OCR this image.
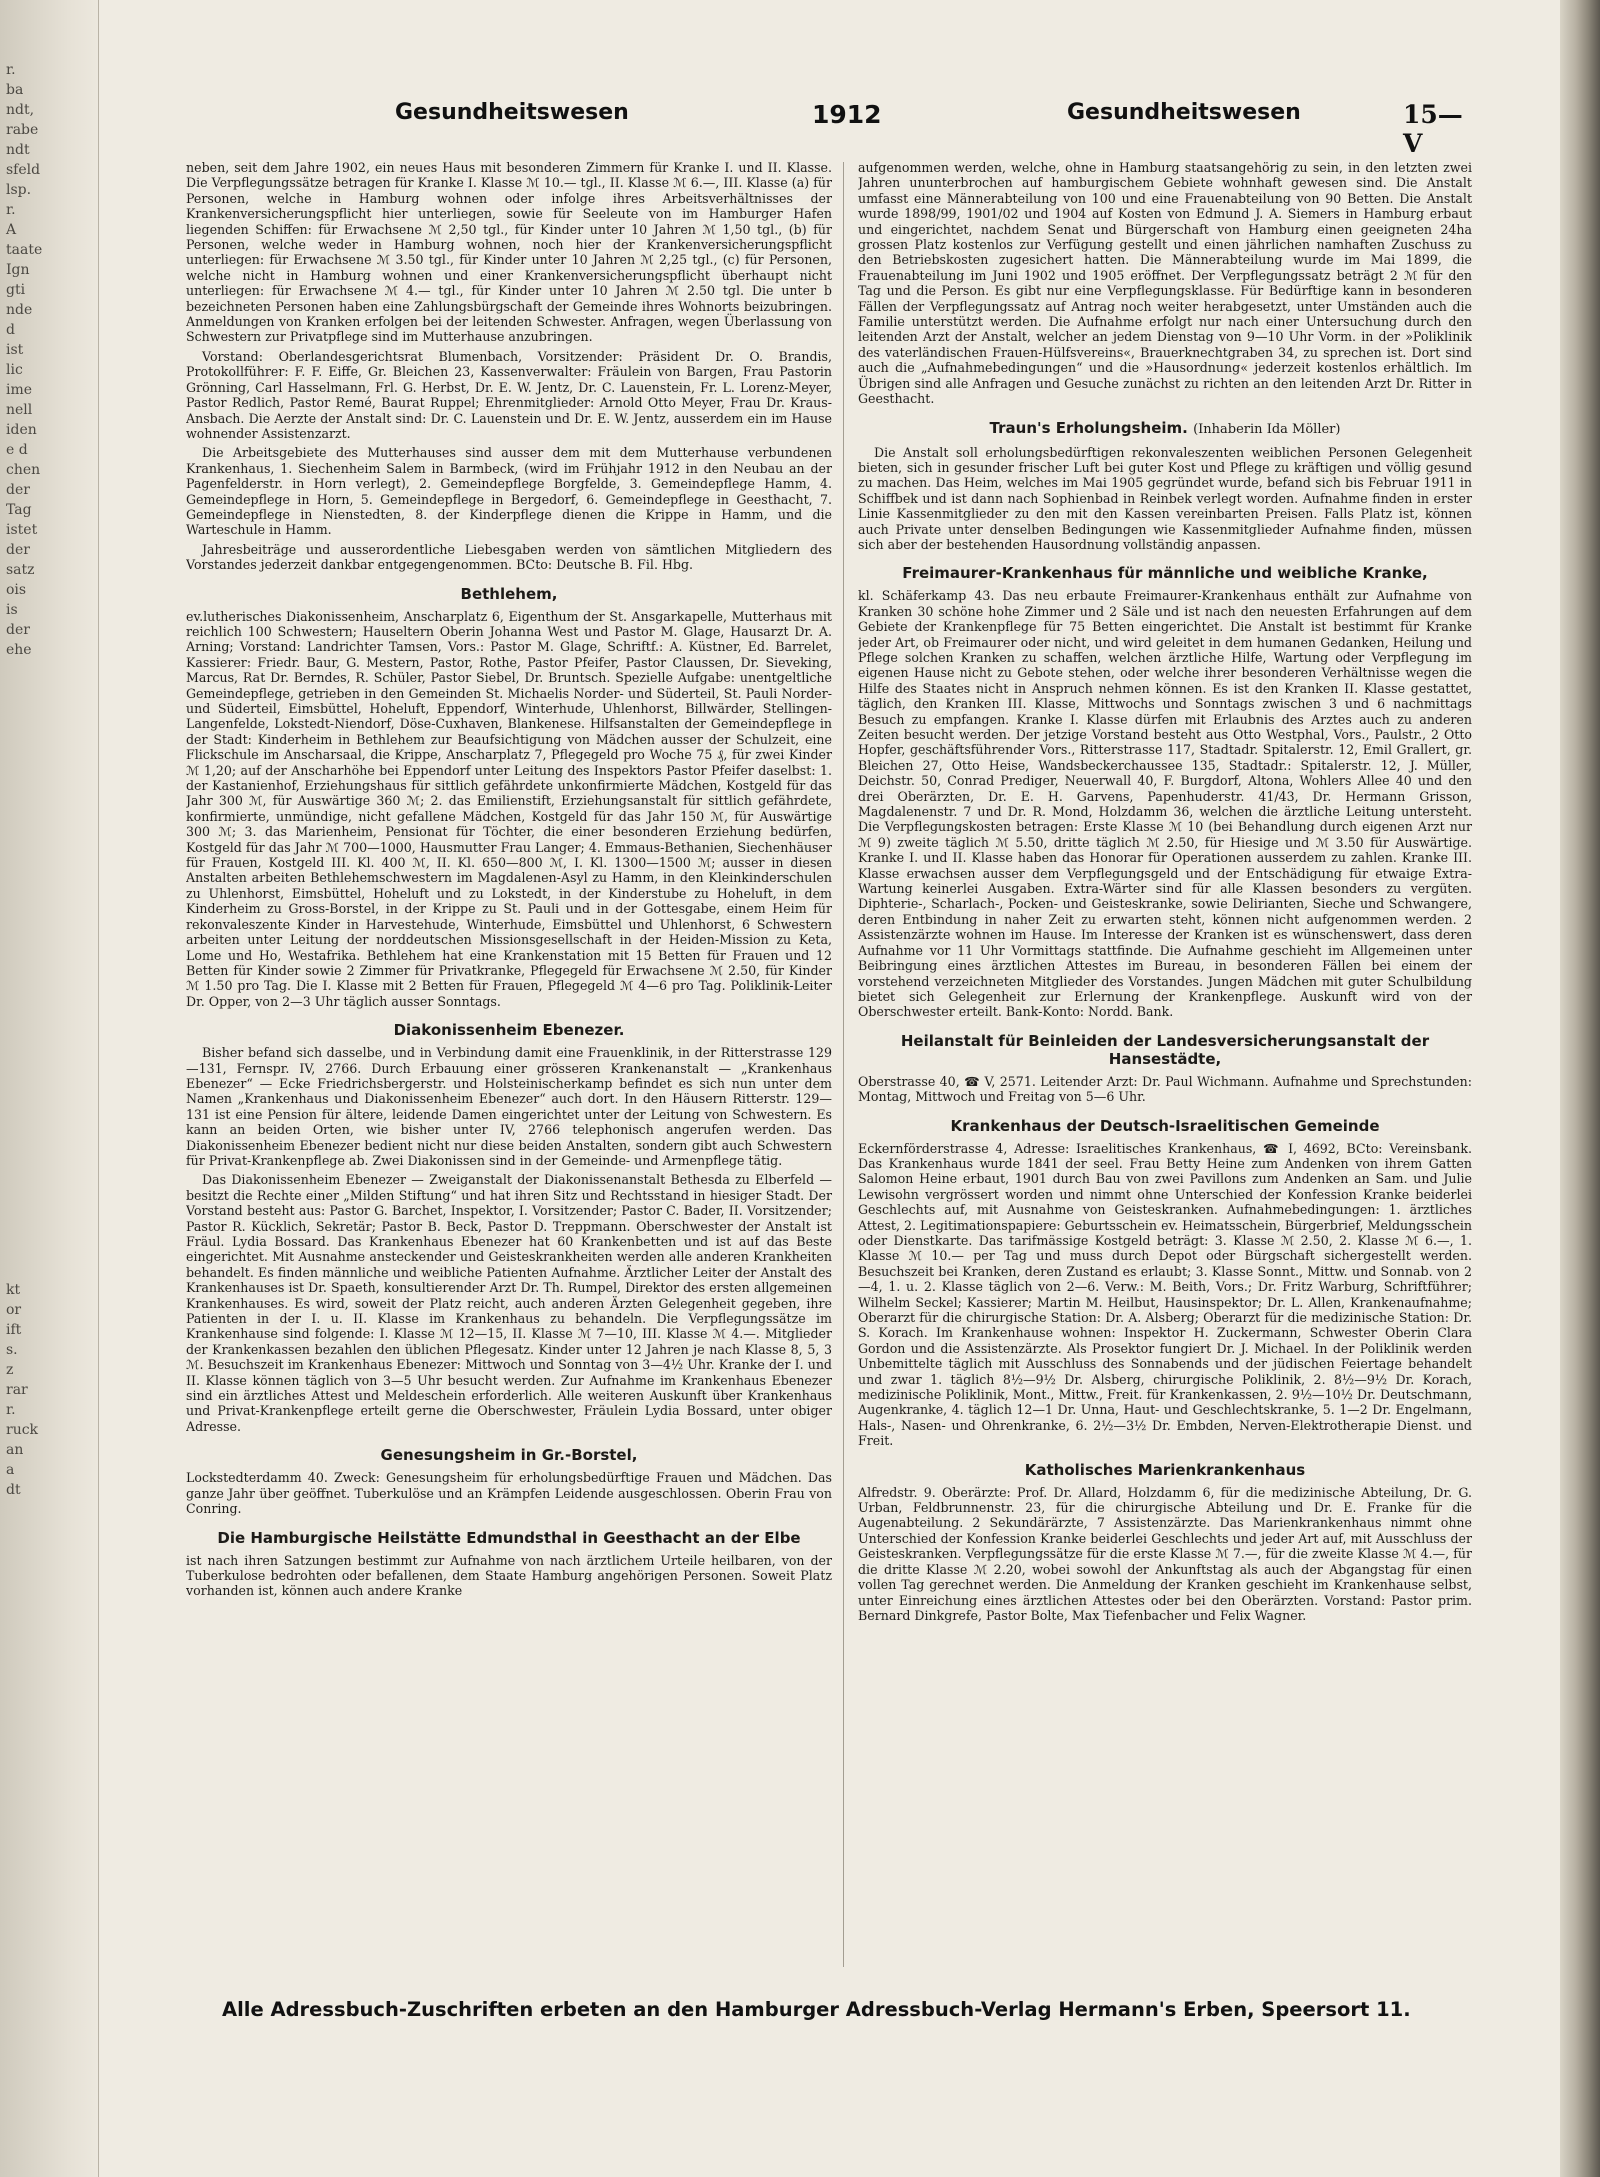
r.
ba
ndt,
rabe
ndt
sfeld
lsp.
r. A
taate
Ign
gti
nde
d ist
lic
ime
nell
iden
e d
chen
der
Tag
istet
der
satz
ois
is
der
ehe
kt
or
ift
s.
z
rar
r.
ruck
an
a
dt
Gesundheitswesen	1912	Gesundheitswesen	15—V

neben, seit dem Jahre 1902, ein neues Haus mit besonderen Zimmern für Kranke I. und II. Klasse. Die Verpflegungssätze betragen für Kranke I. Klasse ℳ 10.— tgl., II. Klasse ℳ 6.—, III. Klasse (a) für Personen, welche in Hamburg wohnen oder infolge ihres Arbeitsverhältnisses der Krankenversicherungspflicht hier unterliegen, sowie für Seeleute von im Hamburger Hafen liegenden Schiffen: für Erwachsene ℳ 2,50 tgl., für Kinder unter 10 Jahren ℳ 1,50 tgl., (b) für Personen, welche weder in Hamburg wohnen, noch hier der Krankenversicherungspflicht unterliegen: für Erwachsene ℳ 3.50 tgl., für Kinder unter 10 Jahren ℳ 2,25 tgl., (c) für Personen, welche nicht in Hamburg wohnen und einer Krankenversicherungspflicht überhaupt nicht unterliegen: für Erwachsene ℳ 4.— tgl., für Kinder unter 10 Jahren ℳ 2.50 tgl. Die unter b bezeichneten Personen haben eine Zahlungsbürgschaft der Gemeinde ihres Wohnorts beizubringen. Anmeldungen von Kranken erfolgen bei der leitenden Schwester. Anfragen, wegen Überlassung von Schwestern zur Privatpflege sind im Mutterhause anzubringen.

Vorstand: Oberlandesgerichtsrat Blumenbach, Vorsitzender: Präsident Dr. O. Brandis, Protokollführer: F. F. Eiffe, Gr. Bleichen 23, Kassenverwalter: Fräulein von Bargen, Frau Pastorin Grönning, Carl Hasselmann, Frl. G. Herbst, Dr. E. W. Jentz, Dr. C. Lauenstein, Fr. L. Lorenz-Meyer, Pastor Redlich, Pastor Remé, Baurat Ruppel; Ehrenmitglieder: Arnold Otto Meyer, Frau Dr. Kraus-Ansbach. Die Aerzte der Anstalt sind: Dr. C. Lauenstein und Dr. E. W. Jentz, ausserdem ein im Hause wohnender Assistenzarzt.

Die Arbeitsgebiete des Mutterhauses sind ausser dem mit dem Mutterhause verbundenen Krankenhaus, 1. Siechenheim Salem in Barmbeck, (wird im Frühjahr 1912 in den Neubau an der Pagenfelderstr. in Horn verlegt), 2. Gemeindepflege Borgfelde, 3. Gemeindepflege Hamm, 4. Gemeindepflege in Horn, 5. Gemeindepflege in Bergedorf, 6. Gemeindepflege in Geesthacht, 7. Gemeindepflege in Nienstedten, 8. der Kinderpflege dienen die Krippe in Hamm, und die Warteschule in Hamm.

Jahresbeiträge und ausserordentliche Liebesgaben werden von sämtlichen Mitgliedern des Vorstandes jederzeit dankbar entgegengenommen. BCto: Deutsche B. Fil. Hbg.

Bethlehem,

ev.lutherisches Diakonissenheim, Anscharplatz 6, Eigenthum der St. Ansgarkapelle, Mutterhaus mit reichlich 100 Schwestern; Hauseltern Oberin Johanna West und Pastor M. Glage, Hausarzt Dr. A. Arning; Vorstand: Landrichter Tamsen, Vors.: Pastor M. Glage, Schriftf.: A. Küstner, Ed. Barrelet, Kassierer: Friedr. Baur, G. Mestern, Pastor, Rothe, Pastor Pfeifer, Pastor Claussen, Dr. Sieveking, Marcus, Rat Dr. Berndes, R. Schüler, Pastor Siebel, Dr. Bruntsch. Spezielle Aufgabe: unentgeltliche Gemeindepflege, getrieben in den Gemeinden St. Michaelis Norder- und Süderteil, St. Pauli Norder- und Süderteil, Eimsbüttel, Hoheluft, Eppendorf, Winterhude, Uhlenhorst, Billwärder, Stellingen-Langenfelde, Lokstedt-Niendorf, Döse-Cuxhaven, Blankenese. Hilfsanstalten der Gemeindepflege in der Stadt: Kinderheim in Bethlehem zur Beaufsichtigung von Mädchen ausser der Schulzeit, eine Flickschule im Anscharsaal, die Krippe, Anscharplatz 7, Pflegegeld pro Woche 75 ₰, für zwei Kinder ℳ 1,20; auf der Anscharhöhe bei Eppendorf unter Leitung des Inspektors Pastor Pfeifer daselbst: 1. der Kastanienhof, Erziehungshaus für sittlich gefährdete unkonfirmierte Mädchen, Kostgeld für das Jahr 300 ℳ, für Auswärtige 360 ℳ; 2. das Emilienstift, Erziehungsanstalt für sittlich gefährdete, konfirmierte, unmündige, nicht gefallene Mädchen, Kostgeld für das Jahr 150 ℳ, für Auswärtige 300 ℳ; 3. das Marienheim, Pensionat für Töchter, die einer besonderen Erziehung bedürfen, Kostgeld für das Jahr ℳ 700—1000, Hausmutter Frau Langer; 4. Emmaus-Bethanien, Siechenhäuser für Frauen, Kostgeld III. Kl. 400 ℳ, II. Kl. 650—800 ℳ, I. Kl. 1300—1500 ℳ; ausser in diesen Anstalten arbeiten Bethlehemschwestern im Magdalenen-Asyl zu Hamm, in den Kleinkinderschulen zu Uhlenhorst, Eimsbüttel, Hoheluft und zu Lokstedt, in der Kinderstube zu Hoheluft, in dem Kinderheim zu Gross-Borstel, in der Krippe zu St. Pauli und in der Gottesgabe, einem Heim für rekonvaleszente Kinder in Harvestehude, Winterhude, Eimsbüttel und Uhlenhorst, 6 Schwestern arbeiten unter Leitung der norddeutschen Missionsgesellschaft in der Heiden-Mission zu Keta, Lome und Ho, Westafrika. Bethlehem hat eine Krankenstation mit 15 Betten für Frauen und 12 Betten für Kinder sowie 2 Zimmer für Privatkranke, Pflegegeld für Erwachsene ℳ 2.50, für Kinder ℳ 1.50 pro Tag. Die I. Klasse mit 2 Betten für Frauen, Pflegegeld ℳ 4—6 pro Tag. Poliklinik-Leiter Dr. Opper, von 2—3 Uhr täglich ausser Sonntags.

Diakonissenheim Ebenezer.

Bisher befand sich dasselbe, und in Verbindung damit eine Frauenklinik, in der Ritterstrasse 129—131, Fernspr. IV, 2766. Durch Erbauung einer grösseren Krankenanstalt — „Krankenhaus Ebenezer“ — Ecke Friedrichsbergerstr. und Holsteinischerkamp befindet es sich nun unter dem Namen „Krankenhaus und Diakonissenheim Ebenezer“ auch dort. In den Häusern Ritterstr. 129—131 ist eine Pension für ältere, leidende Damen eingerichtet unter der Leitung von Schwestern. Es kann an beiden Orten, wie bisher unter IV, 2766 telephonisch angerufen werden. Das Diakonissenheim Ebenezer bedient nicht nur diese beiden Anstalten, sondern gibt auch Schwestern für Privat-Krankenpflege ab. Zwei Diakonissen sind in der Gemeinde- und Armenpflege tätig.

Das Diakonissenheim Ebenezer — Zweiganstalt der Diakonissenanstalt Bethesda zu Elberfeld — besitzt die Rechte einer „Milden Stiftung“ und hat ihren Sitz und Rechtsstand in hiesiger Stadt. Der Vorstand besteht aus: Pastor G. Barchet, Inspektor, I. Vorsitzender; Pastor C. Bader, II. Vorsitzender; Pastor R. Kücklich, Sekretär; Pastor B. Beck, Pastor D. Treppmann. Oberschwester der Anstalt ist Fräul. Lydia Bossard. Das Krankenhaus Ebenezer hat 60 Krankenbetten und ist auf das Beste eingerichtet. Mit Ausnahme ansteckender und Geisteskrankheiten werden alle anderen Krankheiten behandelt. Es finden männliche und weibliche Patienten Aufnahme. Ärztlicher Leiter der Anstalt des Krankenhauses ist Dr. Spaeth, konsultierender Arzt Dr. Th. Rumpel, Direktor des ersten allgemeinen Krankenhauses. Es wird, soweit der Platz reicht, auch anderen Ärzten Gelegenheit gegeben, ihre Patienten in der I. u. II. Klasse im Krankenhaus zu behandeln. Die Verpflegungssätze im Krankenhause sind folgende: I. Klasse ℳ 12—15, II. Klasse ℳ 7—10, III. Klasse ℳ 4.—. Mitglieder der Krankenkassen bezahlen den üblichen Pflegesatz. Kinder unter 12 Jahren je nach Klasse 8, 5, 3 ℳ. Besuchszeit im Krankenhaus Ebenezer: Mittwoch und Sonntag von 3—4½ Uhr. Kranke der I. und II. Klasse können täglich von 3—5 Uhr besucht werden. Zur Aufnahme im Krankenhaus Ebenezer sind ein ärztliches Attest und Meldeschein erforderlich. Alle weiteren Auskunft über Krankenhaus und Privat-Krankenpflege erteilt gerne die Oberschwester, Fräulein Lydia Bossard, unter obiger Adresse.

Genesungsheim in Gr.-Borstel,

Lockstedterdamm 40. Zweck: Genesungsheim für erholungsbedürftige Frauen und Mädchen. Das ganze Jahr über geöffnet. Tuberkulöse und an Krämpfen Leidende ausgeschlossen. Oberin Frau von Conring.

Die Hamburgische Heilstätte Edmundsthal in Geesthacht an der Elbe

ist nach ihren Satzungen bestimmt zur Aufnahme von nach ärztlichem Urteile heilbaren, von der Tuberkulose bedrohten oder befallenen, dem Staate Hamburg angehörigen Personen. Soweit Platz vorhanden ist, können auch andere Kranke

aufgenommen werden, welche, ohne in Hamburg staatsangehörig zu sein, in den letzten zwei Jahren ununterbrochen auf hamburgischem Gebiete wohnhaft gewesen sind. Die Anstalt umfasst eine Männerabteilung von 100 und eine Frauenabteilung von 90 Betten. Die Anstalt wurde 1898/99, 1901/02 und 1904 auf Kosten von Edmund J. A. Siemers in Hamburg erbaut und eingerichtet, nachdem Senat und Bürgerschaft von Hamburg einen geeigneten 24ha grossen Platz kostenlos zur Verfügung gestellt und einen jährlichen namhaften Zuschuss zu den Betriebskosten zugesichert hatten. Die Männerabteilung wurde im Mai 1899, die Frauenabteilung im Juni 1902 und 1905 eröffnet. Der Verpflegungssatz beträgt 2 ℳ für den Tag und die Person. Es gibt nur eine Verpflegungsklasse. Für Bedürftige kann in besonderen Fällen der Verpflegungssatz auf Antrag noch weiter herabgesetzt, unter Umständen auch die Familie unterstützt werden. Die Aufnahme erfolgt nur nach einer Untersuchung durch den leitenden Arzt der Anstalt, welcher an jedem Dienstag von 9—10 Uhr Vorm. in der »Poliklinik des vaterländischen Frauen-Hülfsvereins«, Brauerknechtgraben 34, zu sprechen ist. Dort sind auch die „Aufnahmebedingungen“ und die »Hausordnung« jederzeit kostenlos erhältlich. Im Übrigen sind alle Anfragen und Gesuche zunächst zu richten an den leitenden Arzt Dr. Ritter in Geesthacht.

Traun's Erholungsheim. (Inhaberin Ida Möller)

Die Anstalt soll erholungsbedürftigen rekonvaleszenten weiblichen Personen Gelegenheit bieten, sich in gesunder frischer Luft bei guter Kost und Pflege zu kräftigen und völlig gesund zu machen. Das Heim, welches im Mai 1905 gegründet wurde, befand sich bis Februar 1911 in Schiffbek und ist dann nach Sophienbad in Reinbek verlegt worden. Aufnahme finden in erster Linie Kassenmitglieder zu den mit den Kassen vereinbarten Preisen. Falls Platz ist, können auch Private unter denselben Bedingungen wie Kassenmitglieder Aufnahme finden, müssen sich aber der bestehenden Hausordnung vollständig anpassen.

Freimaurer-Krankenhaus für männliche und weibliche Kranke,

kl. Schäferkamp 43. Das neu erbaute Freimaurer-Krankenhaus enthält zur Aufnahme von Kranken 30 schöne hohe Zimmer und 2 Säle und ist nach den neuesten Erfahrungen auf dem Gebiete der Krankenpflege für 75 Betten eingerichtet. Die Anstalt ist bestimmt für Kranke jeder Art, ob Freimaurer oder nicht, und wird geleitet in dem humanen Gedanken, Heilung und Pflege solchen Kranken zu schaffen, welchen ärztliche Hilfe, Wartung oder Verpflegung im eigenen Hause nicht zu Gebote stehen, oder welche ihrer besonderen Verhältnisse wegen die Hilfe des Staates nicht in Anspruch nehmen können. Es ist den Kranken II. Klasse gestattet, täglich, den Kranken III. Klasse, Mittwochs und Sonntags zwischen 3 und 6 nachmittags Besuch zu empfangen. Kranke I. Klasse dürfen mit Erlaubnis des Arztes auch zu anderen Zeiten besucht werden. Der jetzige Vorstand besteht aus Otto Westphal, Vors., Paulstr., 2 Otto Hopfer, geschäftsführender Vors., Ritterstrasse 117, Stadtadr. Spitalerstr. 12, Emil Grallert, gr. Bleichen 27, Otto Heise, Wandsbeckerchaussee 135, Stadtadr.: Spitalerstr. 12, J. Müller, Deichstr. 50, Conrad Prediger, Neuerwall 40, F. Burgdorf, Altona, Wohlers Allee 40 und den drei Oberärzten, Dr. E. H. Garvens, Papenhuderstr. 41/43, Dr. Hermann Grisson, Magdalenenstr. 7 und Dr. R. Mond, Holzdamm 36, welchen die ärztliche Leitung untersteht. Die Verpflegungskosten betragen: Erste Klasse ℳ 10 (bei Behandlung durch eigenen Arzt nur ℳ 9) zweite täglich ℳ 5.50, dritte täglich ℳ 2.50, für Hiesige und ℳ 3.50 für Auswärtige. Kranke I. und II. Klasse haben das Honorar für Operationen ausserdem zu zahlen. Kranke III. Klasse erwachsen ausser dem Verpflegungsgeld und der Entschädigung für etwaige Extra-Wartung keinerlei Ausgaben. Extra-Wärter sind für alle Klassen besonders zu vergüten. Diphterie-, Scharlach-, Pocken- und Geisteskranke, sowie Delirianten, Sieche und Schwangere, deren Entbindung in naher Zeit zu erwarten steht, können nicht aufgenommen werden. 2 Assistenzärzte wohnen im Hause. Im Interesse der Kranken ist es wünschenswert, dass deren Aufnahme vor 11 Uhr Vormittags stattfinde. Die Aufnahme geschieht im Allgemeinen unter Beibringung eines ärztlichen Attestes im Bureau, in besonderen Fällen bei einem der vorstehend verzeichneten Mitglieder des Vorstandes. Jungen Mädchen mit guter Schulbildung bietet sich Gelegenheit zur Erlernung der Krankenpflege. Auskunft wird von der Oberschwester erteilt. Bank-Konto: Nordd. Bank.

Heilanstalt für Beinleiden der Landesversicherungsanstalt der Hansestädte,

Oberstrasse 40, ☎ V, 2571. Leitender Arzt: Dr. Paul Wichmann. Aufnahme und Sprechstunden: Montag, Mittwoch und Freitag von 5—6 Uhr.

Krankenhaus der Deutsch-Israelitischen Gemeinde

Eckernförderstrasse 4, Adresse: Israelitisches Krankenhaus, ☎ I, 4692, BCto: Vereinsbank. Das Krankenhaus wurde 1841 der seel. Frau Betty Heine zum Andenken von ihrem Gatten Salomon Heine erbaut, 1901 durch Bau von zwei Pavillons zum Andenken an Sam. und Julie Lewisohn vergrössert worden und nimmt ohne Unterschied der Konfession Kranke beiderlei Geschlechts auf, mit Ausnahme von Geisteskranken. Aufnahmebedingungen: 1. ärztliches Attest, 2. Legitimationspapiere: Geburtsschein ev. Heimatsschein, Bürgerbrief, Meldungsschein oder Dienstkarte. Das tarifmässige Kostgeld beträgt: 3. Klasse ℳ 2.50, 2. Klasse ℳ 6.—, 1. Klasse ℳ 10.— per Tag und muss durch Depot oder Bürgschaft sichergestellt werden. Besuchszeit bei Kranken, deren Zustand es erlaubt; 3. Klasse Sonnt., Mittw. und Sonnab. von 2—4, 1. u. 2. Klasse täglich von 2—6. Verw.: M. Beith, Vors.; Dr. Fritz Warburg, Schriftführer; Wilhelm Seckel; Kassierer; Martin M. Heilbut, Hausinspektor; Dr. L. Allen, Krankenaufnahme; Oberarzt für die chirurgische Station: Dr. A. Alsberg; Oberarzt für die medizinische Station: Dr. S. Korach. Im Krankenhause wohnen: Inspektor H. Zuckermann, Schwester Oberin Clara Gordon und die Assistenzärzte. Als Prosektor fungiert Dr. J. Michael. In der Poliklinik werden Unbemittelte täglich mit Ausschluss des Sonnabends und der jüdischen Feiertage behandelt und zwar 1. täglich 8½—9½ Dr. Alsberg, chirurgische Poliklinik, 2. 8½—9½ Dr. Korach, medizinische Poliklinik, Mont., Mittw., Freit. für Krankenkassen, 2. 9½—10½ Dr. Deutschmann, Augenkranke, 4. täglich 12—1 Dr. Unna, Haut- und Geschlechtskranke, 5. 1—2 Dr. Engelmann, Hals-, Nasen- und Ohrenkranke, 6. 2½—3½ Dr. Embden, Nerven-Elektrotherapie Dienst. und Freit.

Katholisches Marienkrankenhaus

Alfredstr. 9. Oberärzte: Prof. Dr. Allard, Holzdamm 6, für die medizinische Abteilung, Dr. G. Urban, Feldbrunnenstr. 23, für die chirurgische Abteilung und Dr. E. Franke für die Augenabteilung. 2 Sekundärärzte, 7 Assistenzärzte. Das Marienkrankenhaus nimmt ohne Unterschied der Konfession Kranke beiderlei Geschlechts und jeder Art auf, mit Ausschluss der Geisteskranken. Verpflegungssätze für die erste Klasse ℳ 7.—, für die zweite Klasse ℳ 4.—, für die dritte Klasse ℳ 2.20, wobei sowohl der Ankunftstag als auch der Abgangstag für einen vollen Tag gerechnet werden. Die Anmeldung der Kranken geschieht im Krankenhause selbst, unter Einreichung eines ärztlichen Attestes oder bei den Oberärzten. Vorstand: Pastor prim. Bernard Dinkgrefe, Pastor Bolte, Max Tiefenbacher und Felix Wagner.

Alle Adressbuch-Zuschriften erbeten an den Hamburger Adressbuch-Verlag Hermann's Erben, Speersort 11.
